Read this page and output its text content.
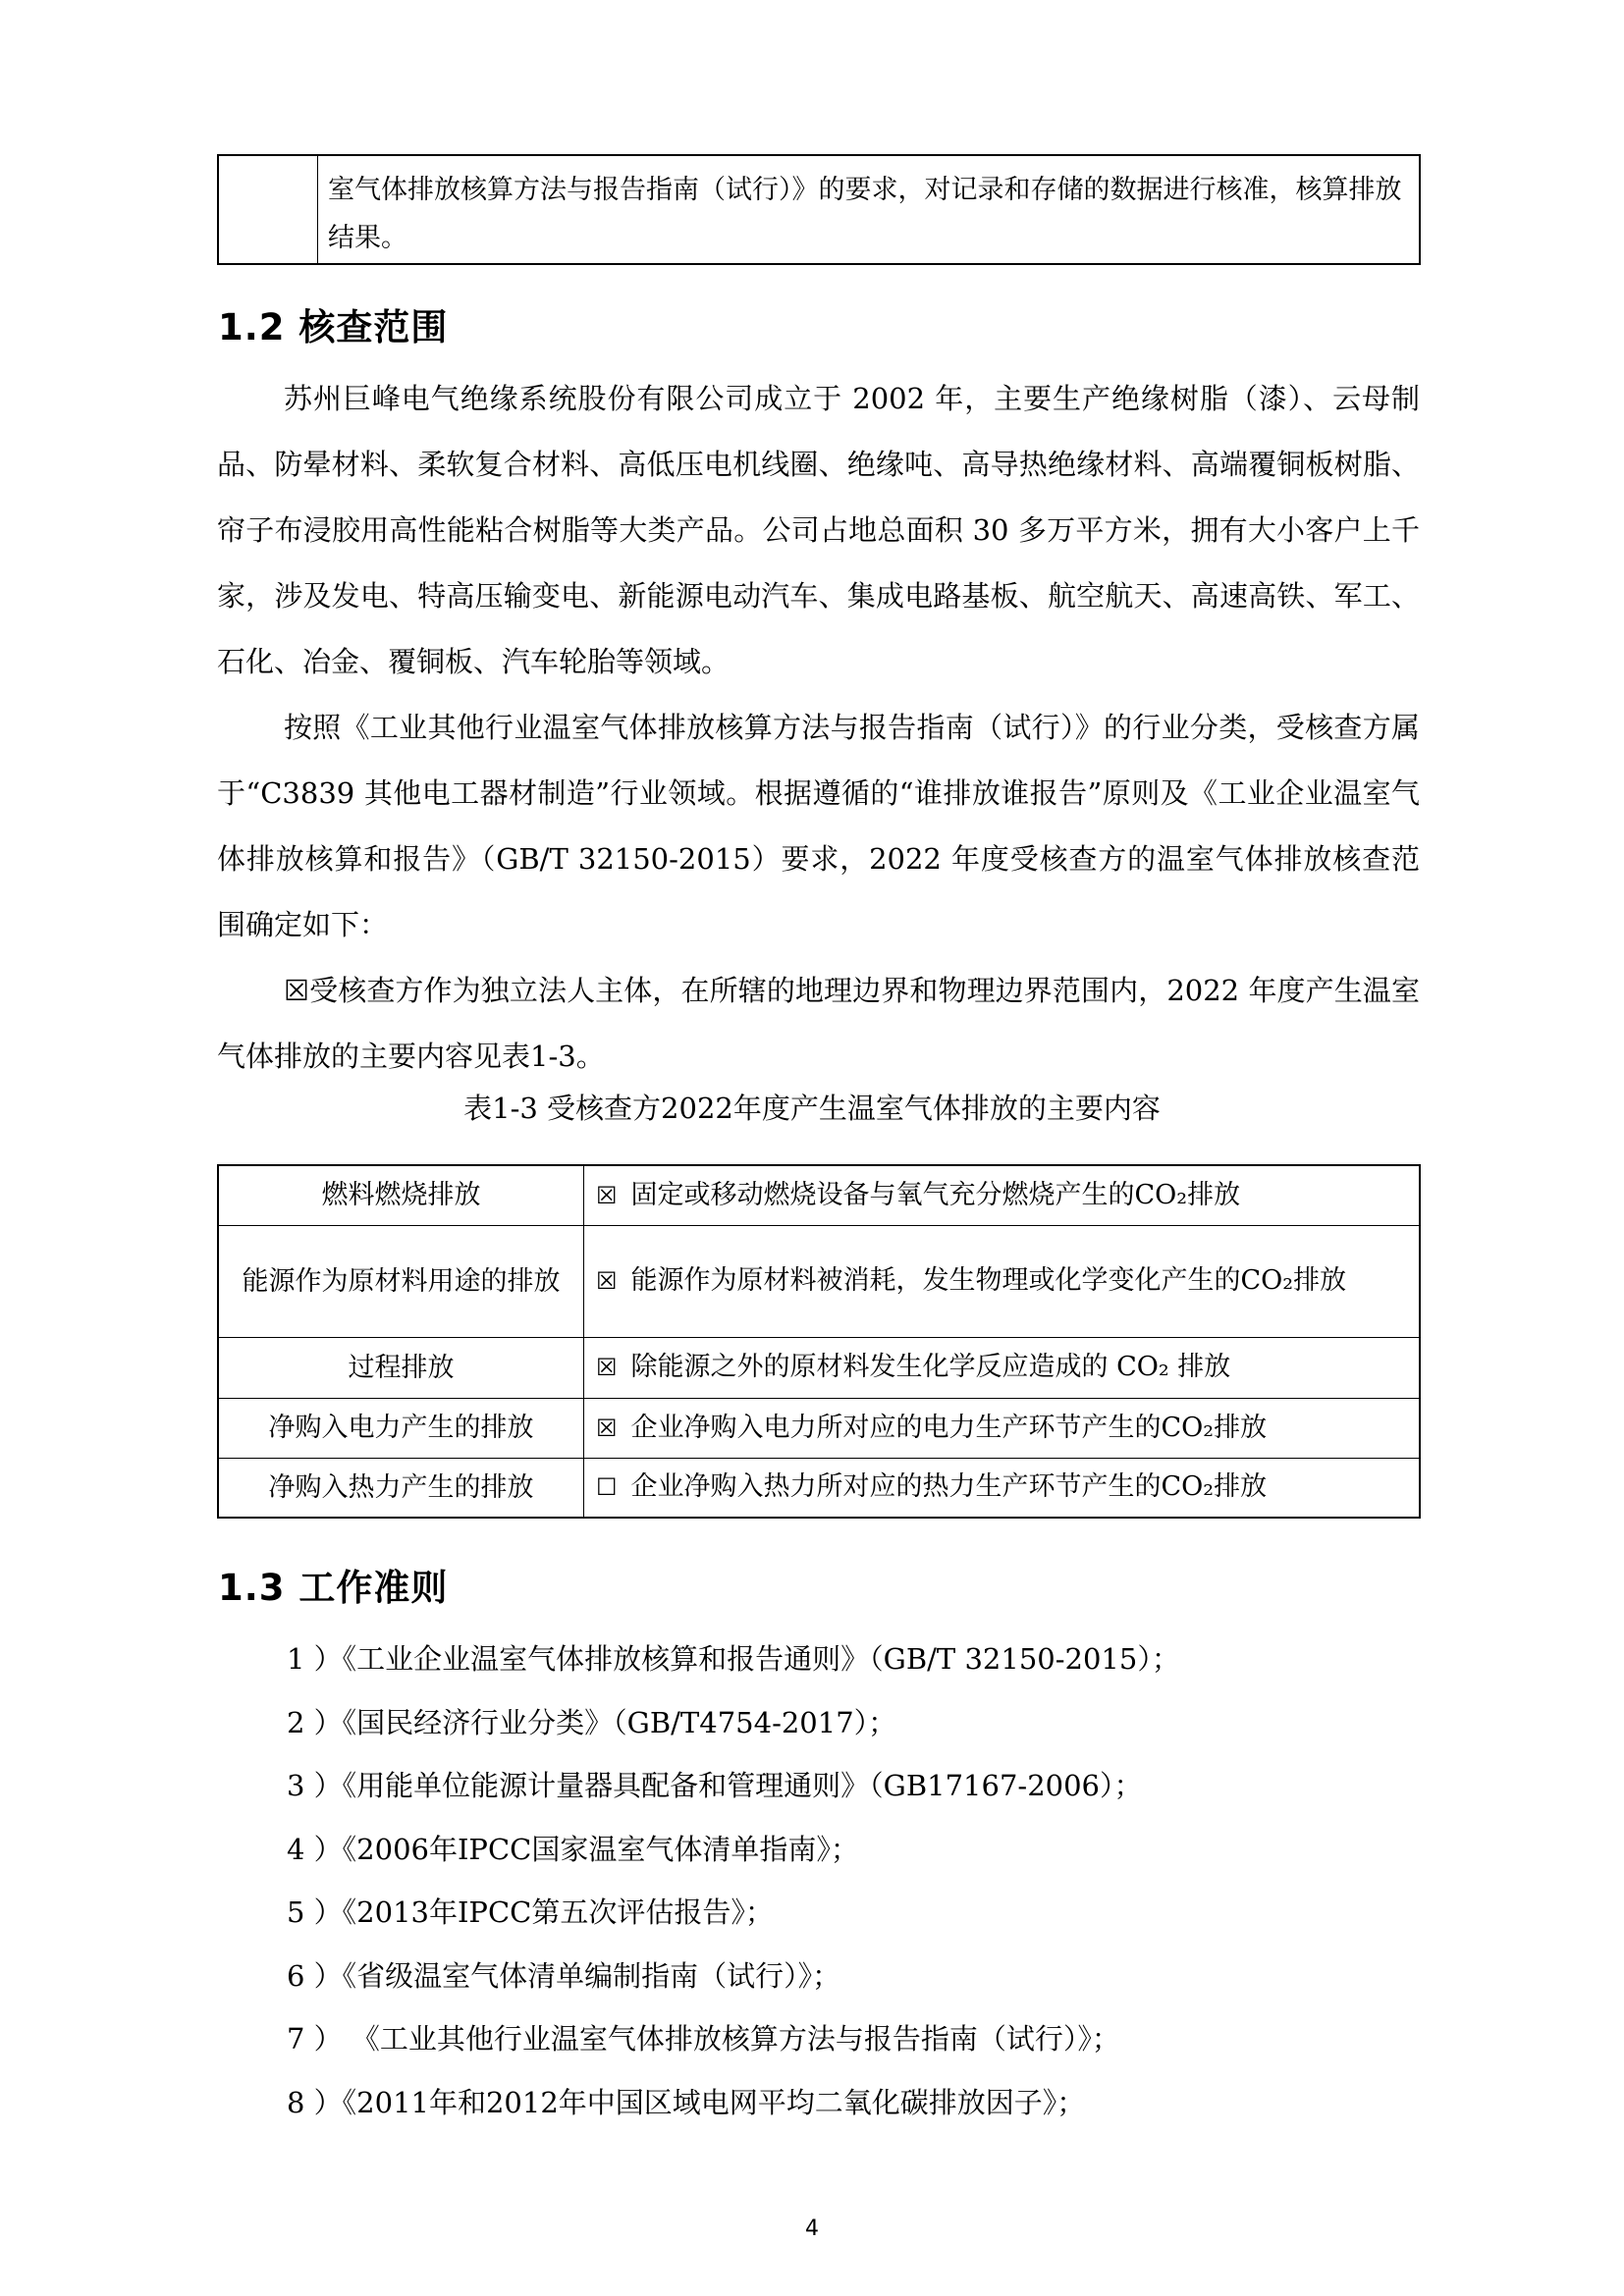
	室气体排放核算方法与报告指南（试行）》的要求，对记录和存储的数据进行核准，核算排放结果。
1.2 核查范围

苏州巨峰电气绝缘系统股份有限公司成立于 2002 年，主要生产绝缘树脂（漆）、云母制品、防晕材料、柔软复合材料、高低压电机线圈、绝缘吨、高导热绝缘材料、高端覆铜板树脂、帘子布浸胶用高性能粘合树脂等大类产品。公司占地总面积 30 多万平方米，拥有大小客户上千家，涉及发电、特高压输变电、新能源电动汽车、集成电路基板、航空航天、高速高铁、军工、石化、冶金、覆铜板、汽车轮胎等领域。

按照《工业其他行业温室气体排放核算方法与报告指南（试行）》的行业分类，受核查方属于“C3839 其他电工器材制造”行业领域。根据遵循的“谁排放谁报告”原则及《工业企业温室气体排放核算和报告》（GB/T 32150-2015）要求，2022 年度受核查方的温室气体排放核查范围确定如下：

☒受核查方作为独立法人主体，在所辖的地理边界和物理边界范围内，2022 年度产生温室气体排放的主要内容见表1-3。

表1-3 受核查方2022年度产生温室气体排放的主要内容
燃料燃烧排放	☒ 固定或移动燃烧设备与氧气充分燃烧产生的CO₂排放
能源作为原材料用途的排放	☒ 能源作为原材料被消耗，发生物理或化学变化产生的CO₂排放
过程排放	☒ 除能源之外的原材料发生化学反应造成的 CO₂ 排放
净购入电力产生的排放	☒ 企业净购入电力所对应的电力生产环节产生的CO₂排放
净购入热力产生的排放	☐ 企业净购入热力所对应的热力生产环节产生的CO₂排放
1.3 工作准则
1 ）《工业企业温室气体排放核算和报告通则》（GB/T 32150-2015）；
2 ）《国民经济行业分类》（GB/T4754-2017）；
3 ）《用能单位能源计量器具配备和管理通则》（GB17167-2006）；
4 ）《2006年IPCC国家温室气体清单指南》；
5 ）《2013年IPCC第五次评估报告》；
6 ）《省级温室气体清单编制指南（试行）》；
7 ） 《工业其他行业温室气体排放核算方法与报告指南（试行）》；
8 ）《2011年和2012年中国区域电网平均二氧化碳排放因子》；
4
